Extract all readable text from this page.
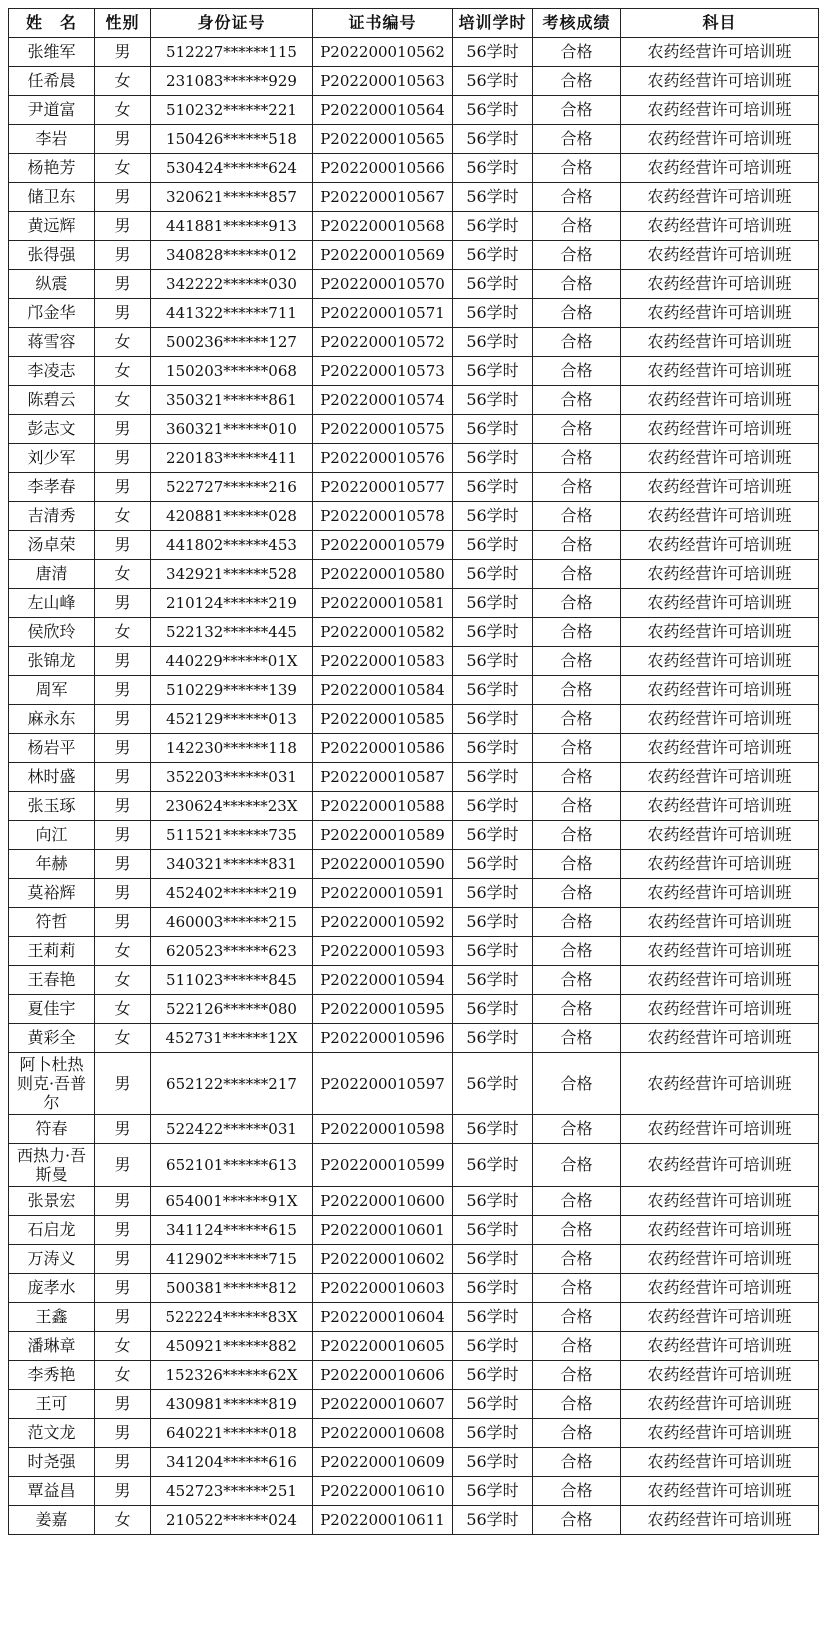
姓　名	性别	身份证号	证书编号	培训学时	考核成绩	科目
张维军	男	512227******115	P202200010562	56学时	合格	农药经营许可培训班
任希晨	女	231083******929	P202200010563	56学时	合格	农药经营许可培训班
尹道富	女	510232******221	P202200010564	56学时	合格	农药经营许可培训班
李岩	男	150426******518	P202200010565	56学时	合格	农药经营许可培训班
杨艳芳	女	530424******624	P202200010566	56学时	合格	农药经营许可培训班
储卫东	男	320621******857	P202200010567	56学时	合格	农药经营许可培训班
黄远辉	男	441881******913	P202200010568	56学时	合格	农药经营许可培训班
张得强	男	340828******012	P202200010569	56学时	合格	农药经营许可培训班
纵震	男	342222******030	P202200010570	56学时	合格	农药经营许可培训班
邝金华	男	441322******711	P202200010571	56学时	合格	农药经营许可培训班
蒋雪容	女	500236******127	P202200010572	56学时	合格	农药经营许可培训班
李凌志	女	150203******068	P202200010573	56学时	合格	农药经营许可培训班
陈碧云	女	350321******861	P202200010574	56学时	合格	农药经营许可培训班
彭志文	男	360321******010	P202200010575	56学时	合格	农药经营许可培训班
刘少军	男	220183******411	P202200010576	56学时	合格	农药经营许可培训班
李孝春	男	522727******216	P202200010577	56学时	合格	农药经营许可培训班
吉清秀	女	420881******028	P202200010578	56学时	合格	农药经营许可培训班
汤卓荣	男	441802******453	P202200010579	56学时	合格	农药经营许可培训班
唐清	女	342921******528	P202200010580	56学时	合格	农药经营许可培训班
左山峰	男	210124******219	P202200010581	56学时	合格	农药经营许可培训班
侯欣玲	女	522132******445	P202200010582	56学时	合格	农药经营许可培训班
张锦龙	男	440229******01X	P202200010583	56学时	合格	农药经营许可培训班
周军	男	510229******139	P202200010584	56学时	合格	农药经营许可培训班
麻永东	男	452129******013	P202200010585	56学时	合格	农药经营许可培训班
杨岩平	男	142230******118	P202200010586	56学时	合格	农药经营许可培训班
林时盛	男	352203******031	P202200010587	56学时	合格	农药经营许可培训班
张玉琢	男	230624******23X	P202200010588	56学时	合格	农药经营许可培训班
向江	男	511521******735	P202200010589	56学时	合格	农药经营许可培训班
年赫	男	340321******831	P202200010590	56学时	合格	农药经营许可培训班
莫裕辉	男	452402******219	P202200010591	56学时	合格	农药经营许可培训班
符哲	男	460003******215	P202200010592	56学时	合格	农药经营许可培训班
王莉莉	女	620523******623	P202200010593	56学时	合格	农药经营许可培训班
王春艳	女	511023******845	P202200010594	56学时	合格	农药经营许可培训班
夏佳宇	女	522126******080	P202200010595	56学时	合格	农药经营许可培训班
黄彩全	女	452731******12X	P202200010596	56学时	合格	农药经营许可培训班
阿卜杜热则克·吾普尔	男	652122******217	P202200010597	56学时	合格	农药经营许可培训班
符春	男	522422******031	P202200010598	56学时	合格	农药经营许可培训班
西热力·吾斯曼	男	652101******613	P202200010599	56学时	合格	农药经营许可培训班
张景宏	男	654001******91X	P202200010600	56学时	合格	农药经营许可培训班
石启龙	男	341124******615	P202200010601	56学时	合格	农药经营许可培训班
万涛义	男	412902******715	P202200010602	56学时	合格	农药经营许可培训班
庞孝水	男	500381******812	P202200010603	56学时	合格	农药经营许可培训班
王鑫	男	522224******83X	P202200010604	56学时	合格	农药经营许可培训班
潘琳章	女	450921******882	P202200010605	56学时	合格	农药经营许可培训班
李秀艳	女	152326******62X	P202200010606	56学时	合格	农药经营许可培训班
王可	男	430981******819	P202200010607	56学时	合格	农药经营许可培训班
范文龙	男	640221******018	P202200010608	56学时	合格	农药经营许可培训班
时尧强	男	341204******616	P202200010609	56学时	合格	农药经营许可培训班
覃益昌	男	452723******251	P202200010610	56学时	合格	农药经营许可培训班
姜嘉	女	210522******024	P202200010611	56学时	合格	农药经营许可培训班
